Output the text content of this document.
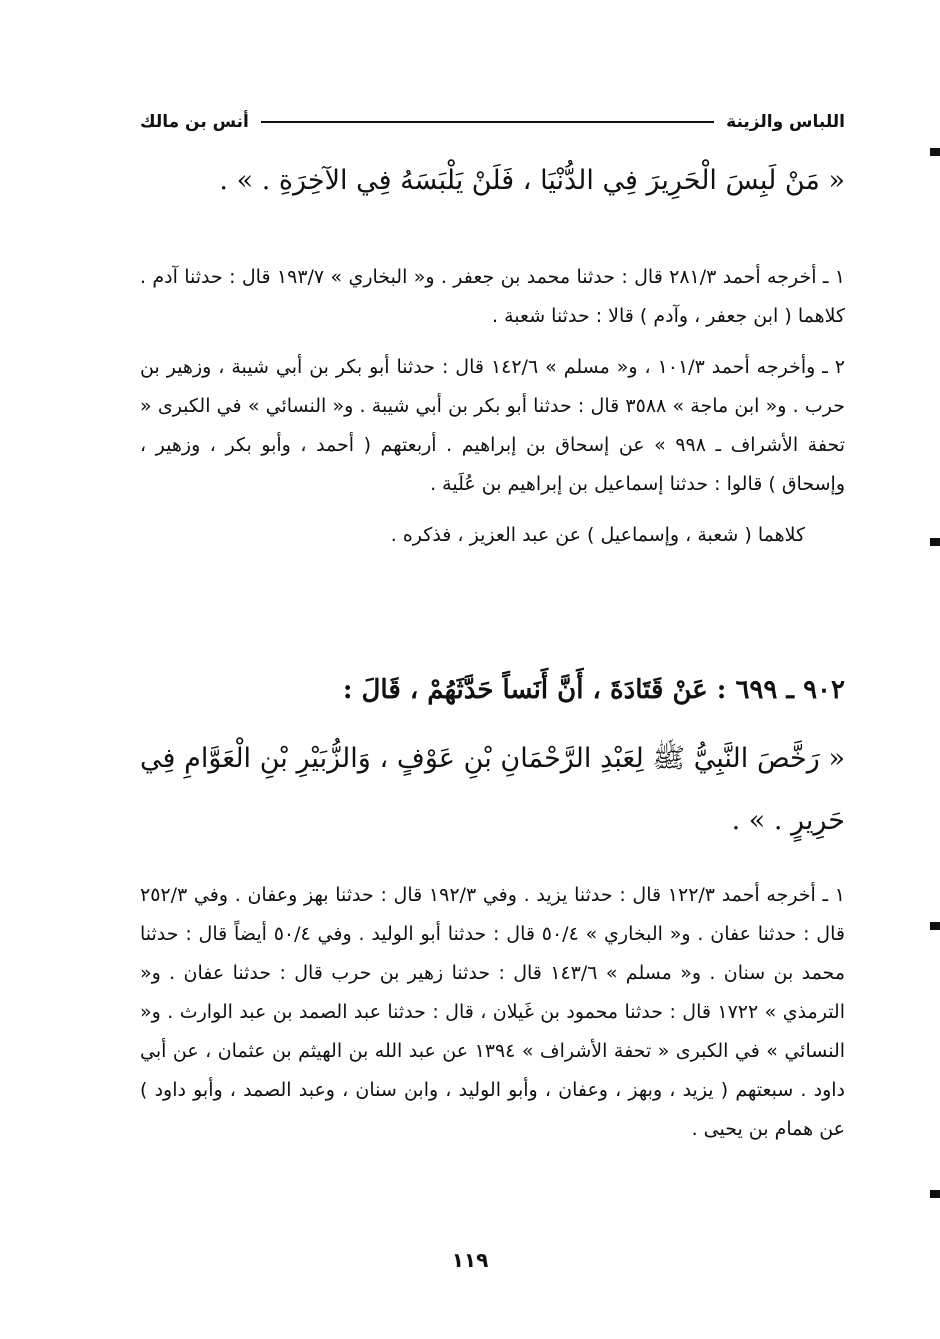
اللباس والزينة
أنس بن مالك
« مَنْ لَبِسَ الْحَرِيرَ فِي الدُّنْيَا ، فَلَنْ يَلْبَسَهُ فِي الآخِرَةِ . » .

١ ـ أخرجه أحمد ٢٨١/٣ قال : حدثنا محمد بن جعفر . و« البخاري » ١٩٣/٧ قال : حدثنا آدم . كلاهما ( ابن جعفر ، وآدم ) قالا : حدثنا شعبة .

٢ ـ وأخرجه أحمد ١٠١/٣ ، و« مسلم » ١٤٢/٦ قال : حدثنا أبو بكر بن أبي شيبة ، وزهير بن حرب . و« ابن ماجة » ٣٥٨٨ قال : حدثنا أبو بكر بن أبي شيبة . و« النسائي » في الكبرى « تحفة الأشراف ـ ٩٩٨ » عن إسحاق بن إبراهيم . أربعتهم ( أحمد ، وأبو بكر ، وزهير ، وإسحاق ) قالوا : حدثنا إسماعيل بن إبراهيم بن عُلَية .

كلاهما ( شعبة ، وإسماعيل ) عن عبد العزيز ، فذكره .

٩٠٢ ـ ٦٩٩ : عَنْ قَتَادَةَ ، أَنَّ أَنَساً حَدَّثَهُمْ ، قَالَ :
« رَخَّصَ النَّبِيُّ ﷺ لِعَبْدِ الرَّحْمَانِ بْنِ عَوْفٍ ، وَالزُّبَيْرِ بْنِ الْعَوَّامِ فِي حَرِيرٍ . » .

١ ـ أخرجه أحمد ١٢٢/٣ قال : حدثنا يزيد . وفي ١٩٢/٣ قال : حدثنا بهز وعفان . وفي ٢٥٢/٣ قال : حدثنا عفان . و« البخاري » ٥٠/٤ قال : حدثنا أبو الوليد . وفي ٥٠/٤ أيضاً قال : حدثنا محمد بن سنان . و« مسلم » ١٤٣/٦ قال : حدثنا زهير بن حرب قال : حدثنا عفان . و« الترمذي » ١٧٢٢ قال : حدثنا محمود بن غَيلان ، قال : حدثنا عبد الصمد بن عبد الوارث . و« النسائي » في الكبرى « تحفة الأشراف » ١٣٩٤ عن عبد الله بن الهيثم بن عثمان ، عن أبي داود . سبعتهم ( يزيد ، وبهز ، وعفان ، وأبو الوليد ، وابن سنان ، وعبد الصمد ، وأبو داود ) عن همام بن يحيى .

١١٩
